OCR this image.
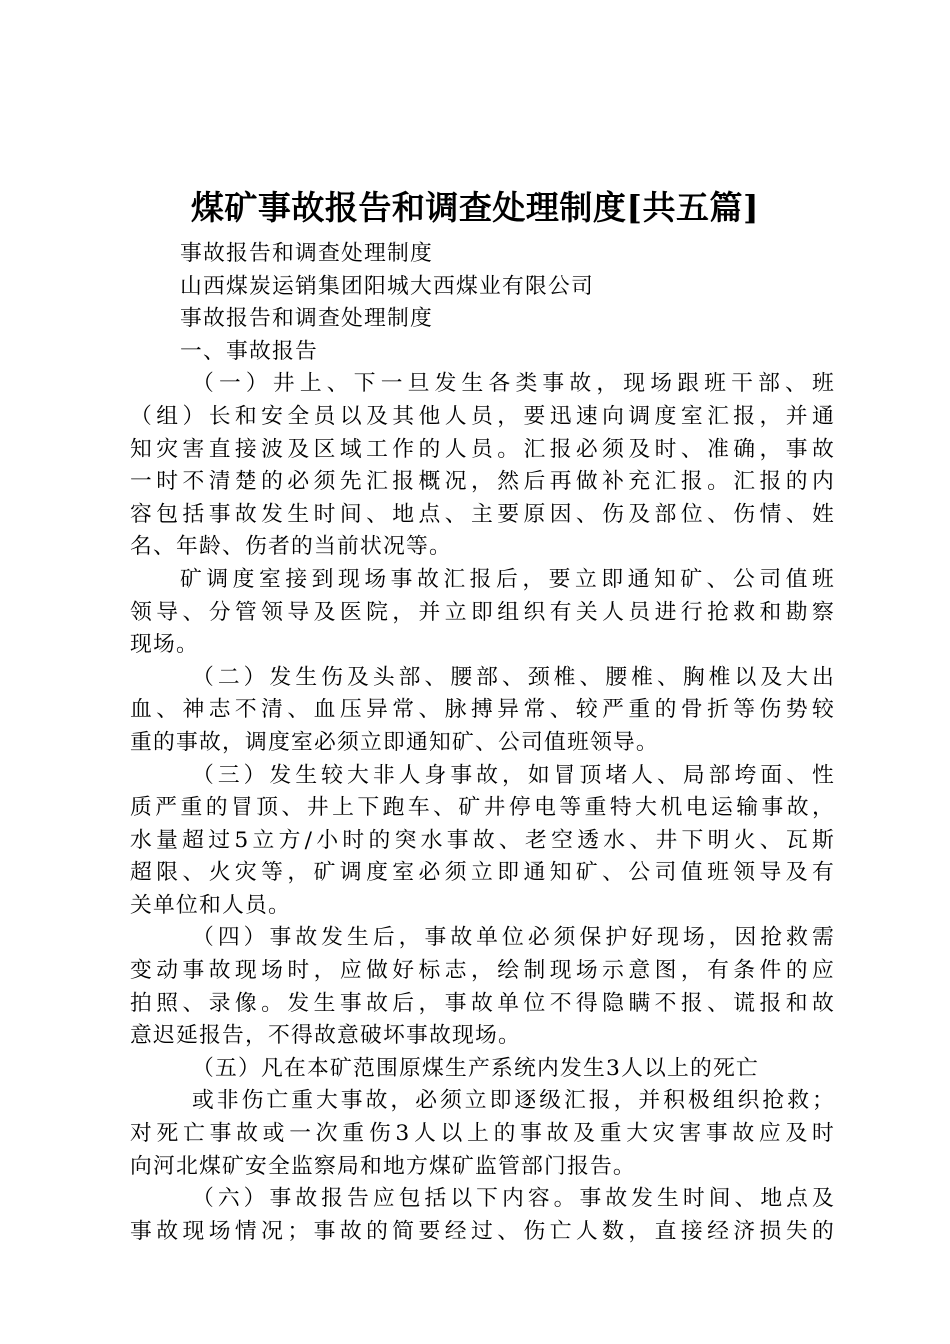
煤矿事故报告和调查处理制度[共五篇]
事故报告和调查处理制度
山西煤炭运销集团阳城大西煤业有限公司
事故报告和调查处理制度
一、事故报告
（一）井上、下一旦发生各类事故，现场跟班干部、班
（组）长和安全员以及其他人员，要迅速向调度室汇报，并通
知灾害直接波及区域工作的人员。汇报必须及时、准确，事故
一时不清楚的必须先汇报概况，然后再做补充汇报。汇报的内
容包括事故发生时间、地点、主要原因、伤及部位、伤情、姓
名、年龄、伤者的当前状况等。
矿调度室接到现场事故汇报后，要立即通知矿、公司值班
领导、分管领导及医院，并立即组织有关人员进行抢救和勘察
现场。
（二）发生伤及头部、腰部、颈椎、腰椎、胸椎以及大出
血、神志不清、血压异常、脉搏异常、较严重的骨折等伤势较
重的事故，调度室必须立即通知矿、公司值班领导。
（三）发生较大非人身事故，如冒顶堵人、局部垮面、性
质严重的冒顶、井上下跑车、矿井停电等重特大机电运输事故，
水量超过5立方/小时的突水事故、老空透水、井下明火、瓦斯
超限、火灾等，矿调度室必须立即通知矿、公司值班领导及有
关单位和人员。
（四）事故发生后，事故单位必须保护好现场，因抢救需
变动事故现场时，应做好标志，绘制现场示意图，有条件的应
拍照、录像。发生事故后，事故单位不得隐瞒不报、谎报和故
意迟延报告，不得故意破坏事故现场。
（五）凡在本矿范围原煤生产系统内发生3人以上的死亡
或非伤亡重大事故，必须立即逐级汇报，并积极组织抢救；
对死亡事故或一次重伤3人以上的事故及重大灾害事故应及时
向河北煤矿安全监察局和地方煤矿监管部门报告。
（六）事故报告应包括以下内容。事故发生时间、地点及
事故现场情况；事故的简要经过、伤亡人数，直接经济损失的
